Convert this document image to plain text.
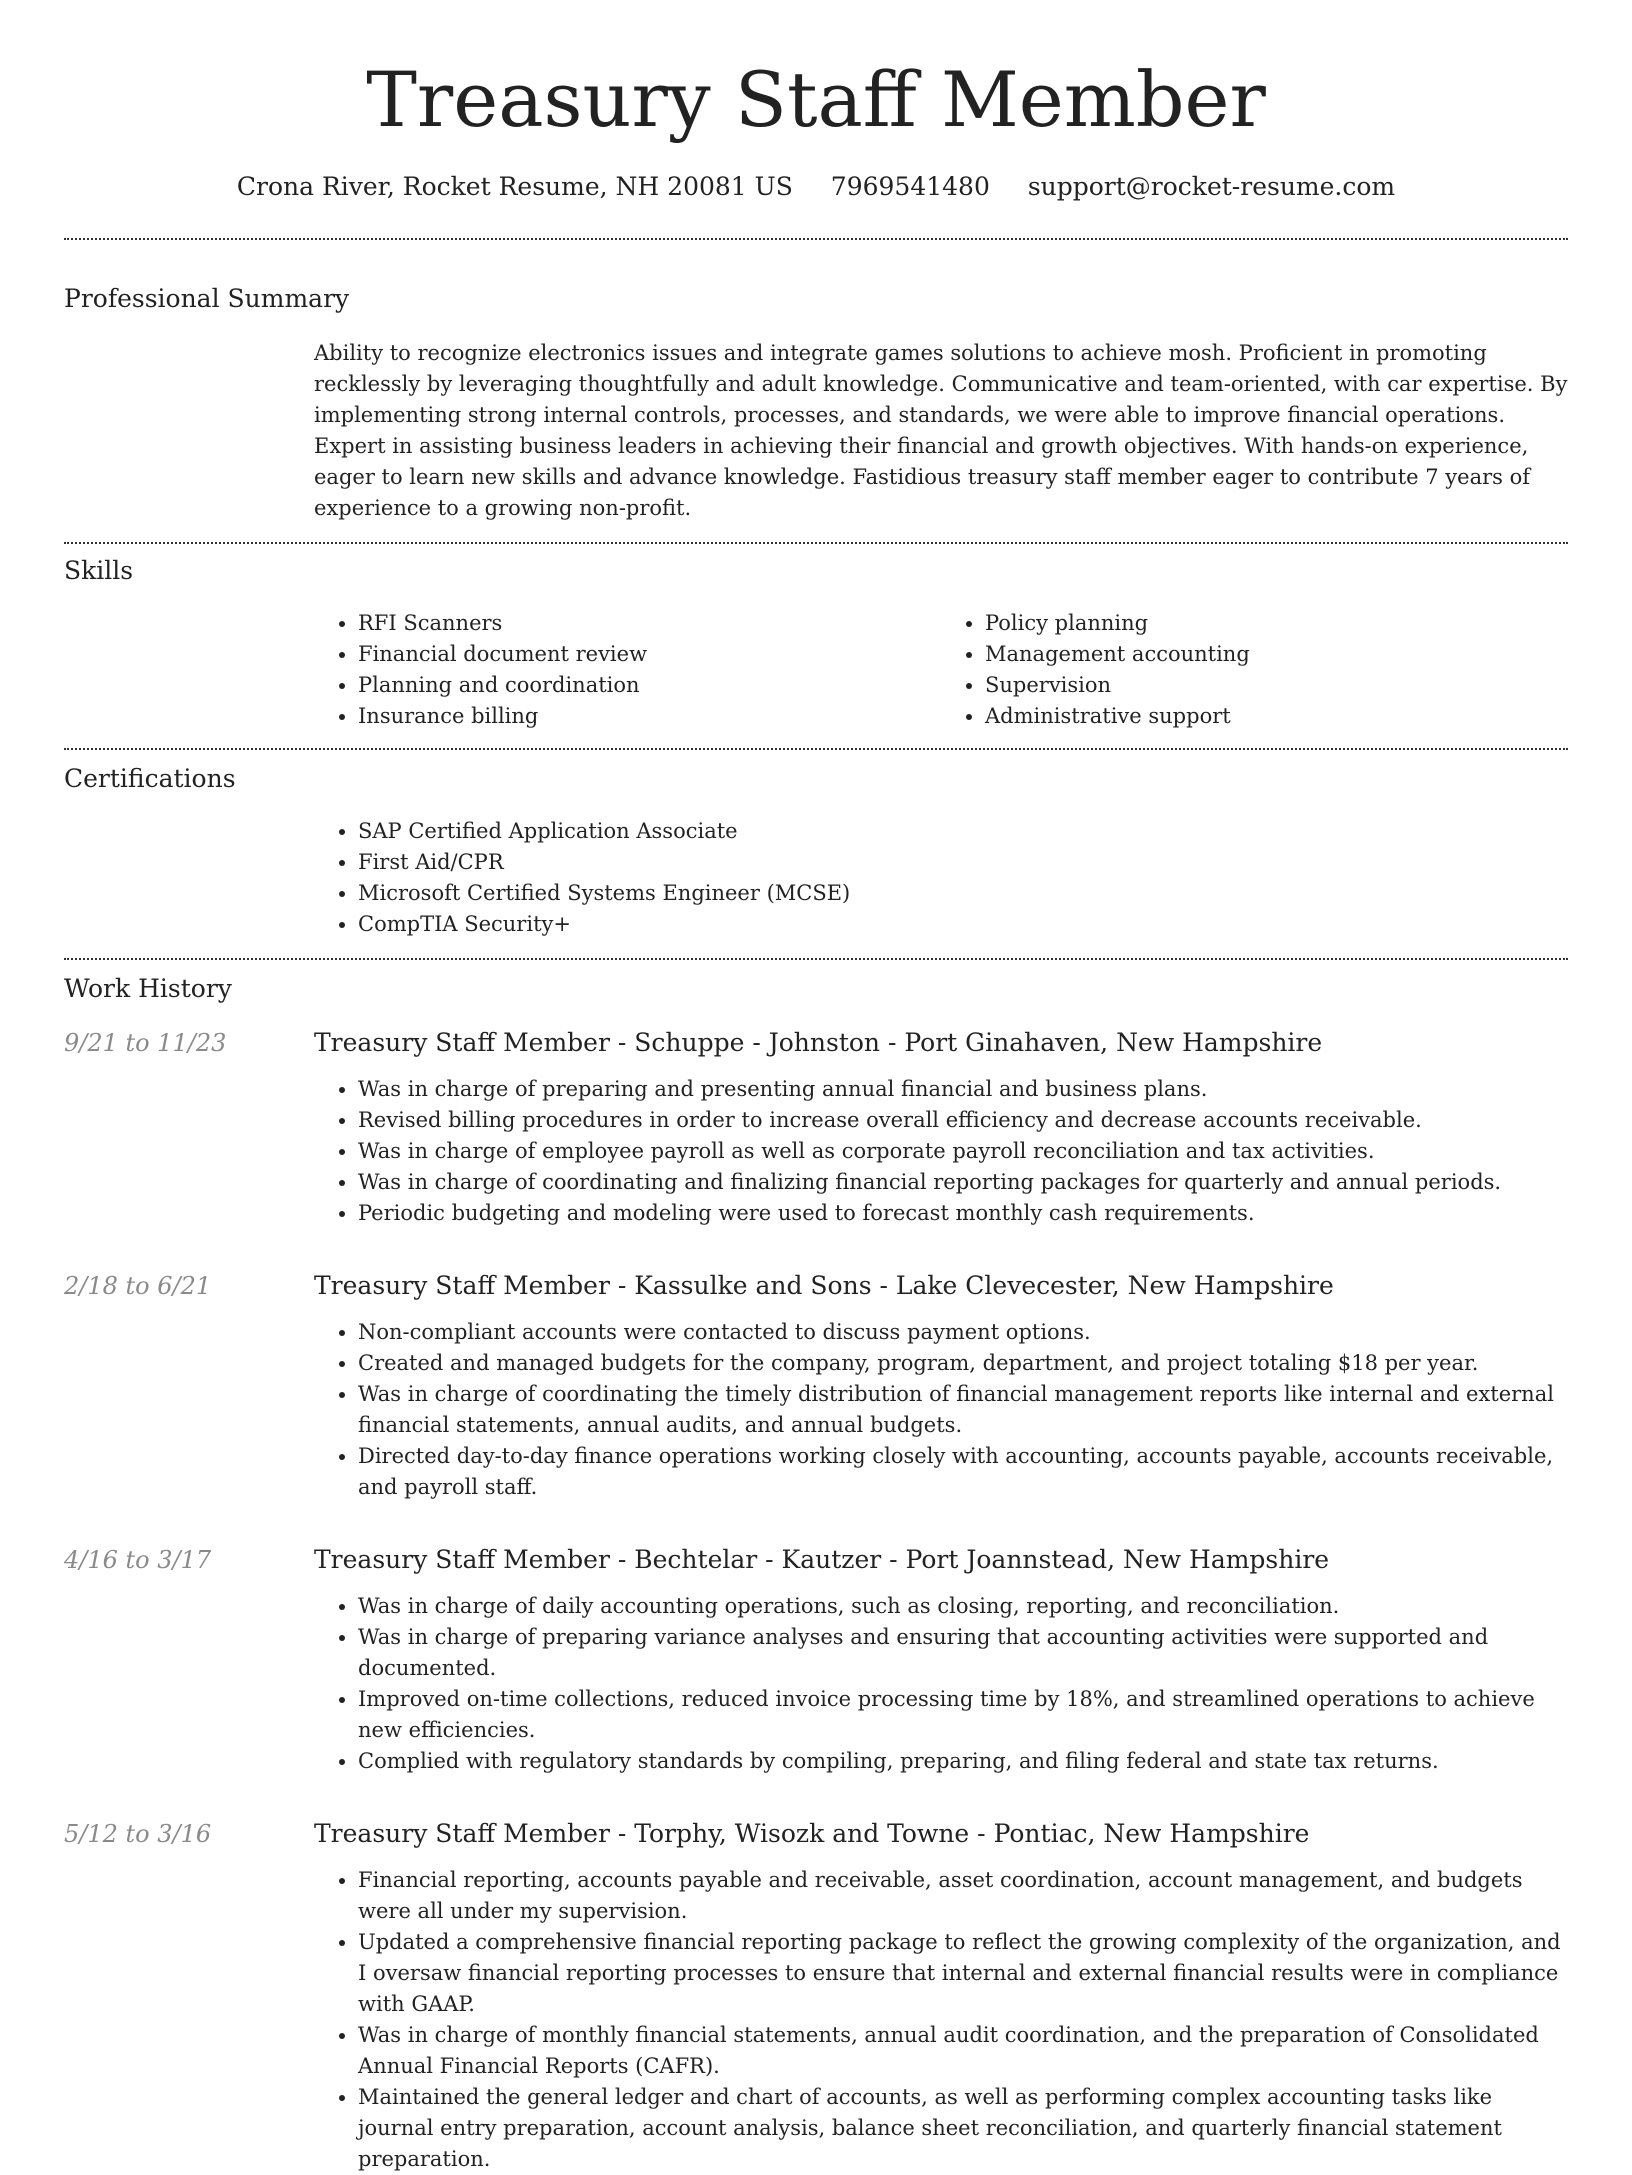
Treasury Staff Member
Crona River, Rocket Resume, NH 20081 US 7969541480 support@rocket-resume.com
Professional Summary
Ability to recognize electronics issues and integrate games solutions to achieve mosh. Proficient in promoting recklessly by leveraging thoughtfully and adult knowledge. Communicative and team-oriented, with car expertise. By implementing strong internal controls, processes, and standards, we were able to improve financial operations. Expert in assisting business leaders in achieving their financial and growth objectives. With hands-on experience, eager to learn new skills and advance knowledge. Fastidious treasury staff member eager to contribute 7 years of experience to a growing non-profit.
Skills
• RFI Scanners
• Financial document review
• Planning and coordination
• Insurance billing
• Policy planning
• Management accounting
• Supervision
• Administrative support
Certifications
• SAP Certified Application Associate
• First Aid/CPR
• Microsoft Certified Systems Engineer (MCSE)
• CompTIA Security+
Work History
9/21 to 11/23	Treasury Staff Member - Schuppe - Johnston - Port Ginahaven, New Hampshire
• Was in charge of preparing and presenting annual financial and business plans.
• Revised billing procedures in order to increase overall efficiency and decrease accounts receivable.
• Was in charge of employee payroll as well as corporate payroll reconciliation and tax activities.
• Was in charge of coordinating and finalizing financial reporting packages for quarterly and annual periods.
• Periodic budgeting and modeling were used to forecast monthly cash requirements.
2/18 to 6/21	Treasury Staff Member - Kassulke and Sons - Lake Clevecester, New Hampshire
• Non-compliant accounts were contacted to discuss payment options.
• Created and managed budgets for the company, program, department, and project totaling $18 per year.
• Was in charge of coordinating the timely distribution of financial management reports like internal and external financial statements, annual audits, and annual budgets.
• Directed day-to-day finance operations working closely with accounting, accounts payable, accounts receivable, and payroll staff.
4/16 to 3/17	Treasury Staff Member - Bechtelar - Kautzer - Port Joannstead, New Hampshire
• Was in charge of daily accounting operations, such as closing, reporting, and reconciliation.
• Was in charge of preparing variance analyses and ensuring that accounting activities were supported and documented.
• Improved on-time collections, reduced invoice processing time by 18%, and streamlined operations to achieve new efficiencies.
• Complied with regulatory standards by compiling, preparing, and filing federal and state tax returns.
5/12 to 3/16	Treasury Staff Member - Torphy, Wisozk and Towne - Pontiac, New Hampshire
• Financial reporting, accounts payable and receivable, asset coordination, account management, and budgets were all under my supervision.
• Updated a comprehensive financial reporting package to reflect the growing complexity of the organization, and I oversaw financial reporting processes to ensure that internal and external financial results were in compliance with GAAP.
• Was in charge of monthly financial statements, annual audit coordination, and the preparation of Consolidated Annual Financial Reports (CAFR).
• Maintained the general ledger and chart of accounts, as well as performing complex accounting tasks like journal entry preparation, account analysis, balance sheet reconciliation, and quarterly financial statement preparation.
